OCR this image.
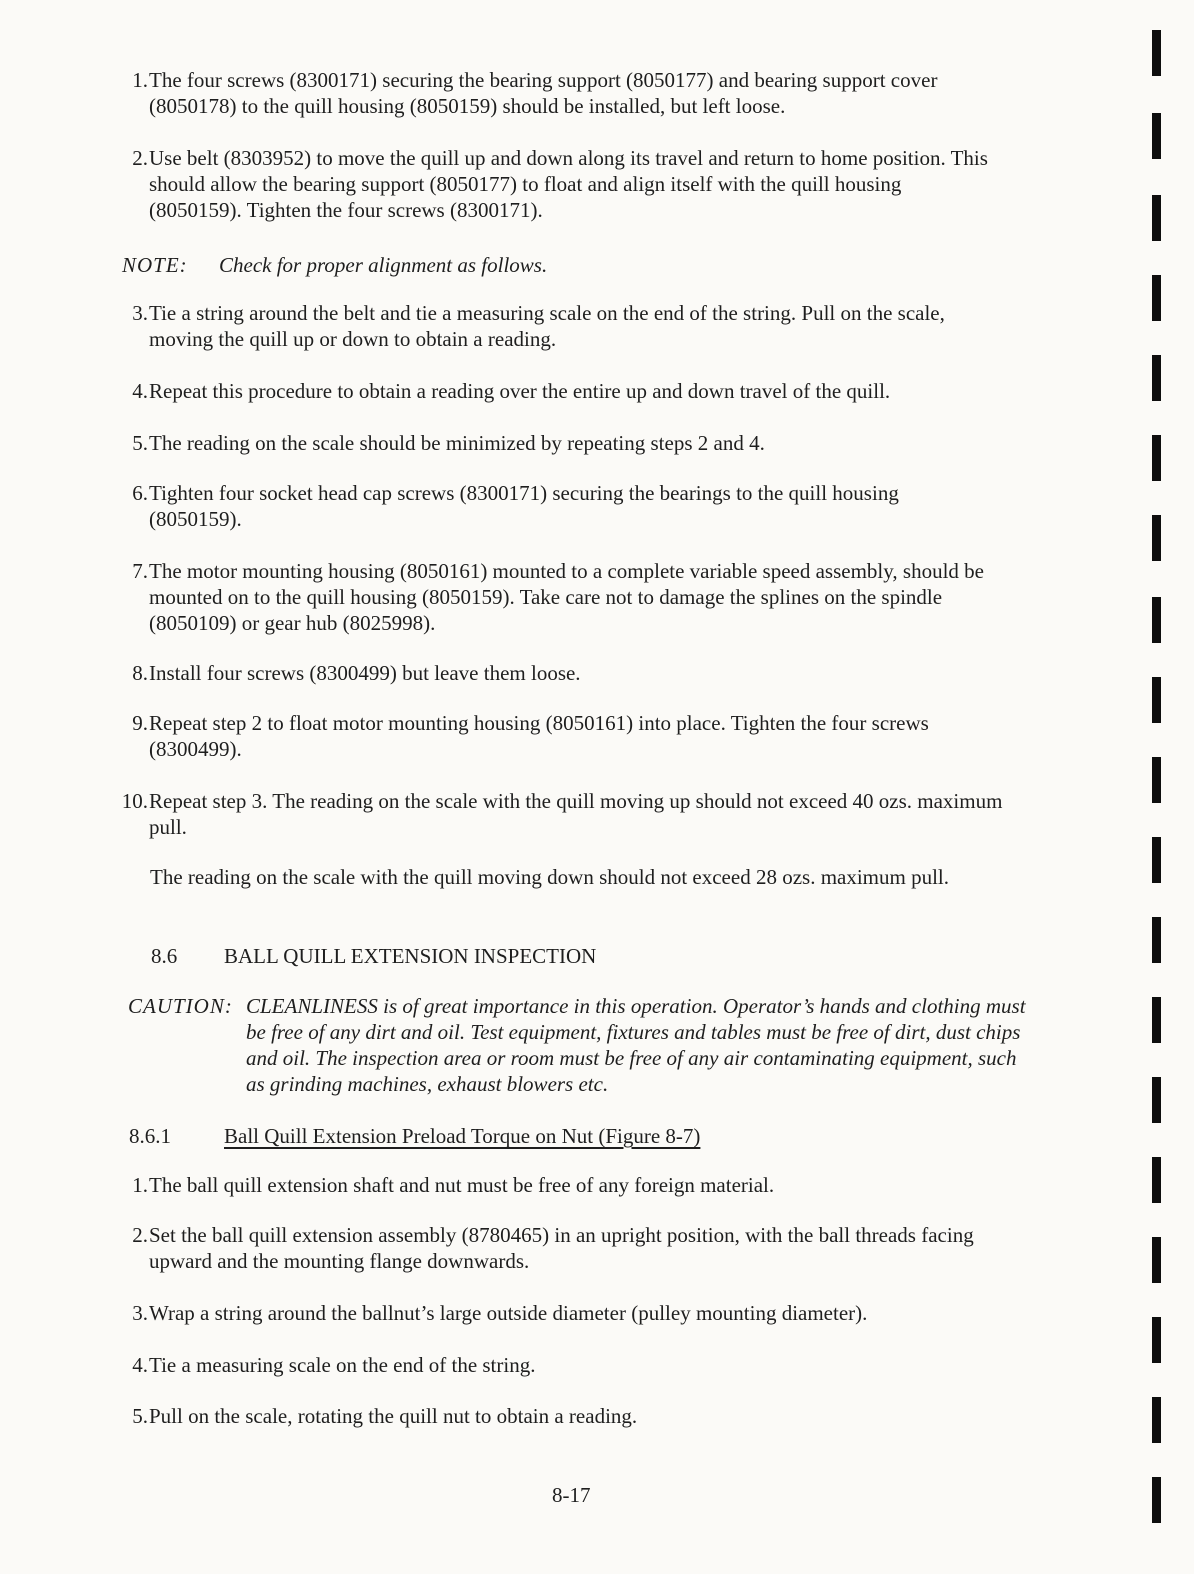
1. The four screws (8300171) securing the bearing support (8050177) and bearing support cover (8050178) to the quill housing (8050159) should be installed, but left loose.
2. Use belt (8303952) to move the quill up and down along its travel and return to home position. This should allow the bearing support (8050177) to float and align itself with the quill housing (8050159). Tighten the four screws (8300171).
NOTE: Check for proper alignment as follows.
3. Tie a string around the belt and tie a measuring scale on the end of the string. Pull on the scale, moving the quill up or down to obtain a reading.
4. Repeat this procedure to obtain a reading over the entire up and down travel of the quill.
5. The reading on the scale should be minimized by repeating steps 2 and 4.
6. Tighten four socket head cap screws (8300171) securing the bearings to the quill housing (8050159).
7. The motor mounting housing (8050161) mounted to a complete variable speed assembly, should be mounted on to the quill housing (8050159). Take care not to damage the splines on the spindle (8050109) or gear hub (8025998).
8. Install four screws (8300499) but leave them loose.
9. Repeat step 2 to float motor mounting housing (8050161) into place. Tighten the four screws (8300499).
10. Repeat step 3. The reading on the scale with the quill moving up should not exceed 40 ozs. maximum pull.
The reading on the scale with the quill moving down should not exceed 28 ozs. maximum pull.
8.6 BALL QUILL EXTENSION INSPECTION
CAUTION: CLEANLINESS is of great importance in this operation. Operator’s hands and clothing must be free of any dirt and oil. Test equipment, fixtures and tables must be free of dirt, dust chips and oil. The inspection area or room must be free of any air contaminating equipment, such as grinding machines, exhaust blowers etc.
8.6.1	Ball Quill Extension Preload Torque on Nut (Figure 8-7)
1. The ball quill extension shaft and nut must be free of any foreign material.
2. Set the ball quill extension assembly (8780465) in an upright position, with the ball threads facing upward and the mounting flange downwards.
3. Wrap a string around the ballnut’s large outside diameter (pulley mounting diameter).
4. Tie a measuring scale on the end of the string.
5. Pull on the scale, rotating the quill nut to obtain a reading.
8-17
